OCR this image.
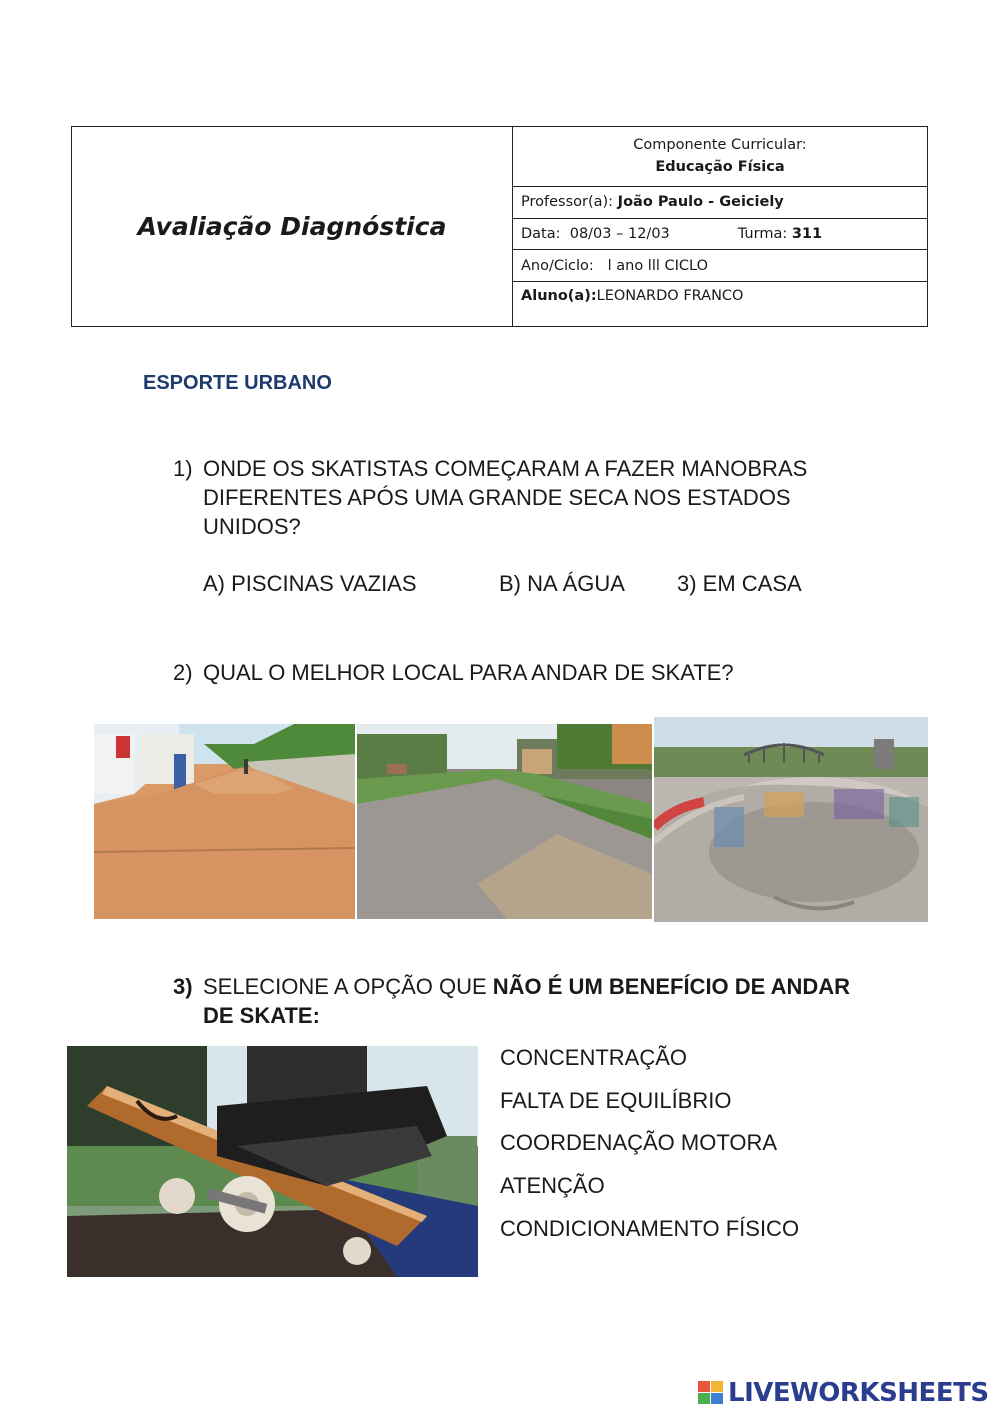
Avaliação Diagnóstica
Componente Curricular:
Educação Física
Professor(a): João Paulo - Geiciely
Data:  08/03 – 12/03	Turma: 311
Ano/Ciclo:   l ano lll CICLO
Aluno(a): LEONARDO FRANCO
ESPORTE URBANO
1) ONDE OS SKATISTAS COMEÇARAM A FAZER MANOBRAS DIFERENTES APÓS UMA GRANDE SECA NOS ESTADOS UNIDOS?
A) PISCINAS VAZIAS	B) NA ÁGUA 3) EM CASA
2) QUAL O MELHOR LOCAL PARA ANDAR DE SKATE?
3) SELECIONE A OPÇÃO QUE NÃO É UM BENEFÍCIO DE ANDAR DE SKATE:
CONCENTRAÇÃO
FALTA DE EQUILÍBRIO
COORDENAÇÃO MOTORA
ATENÇÃO
CONDICIONAMENTO FÍSICO
LIVEWORKSHEETS
